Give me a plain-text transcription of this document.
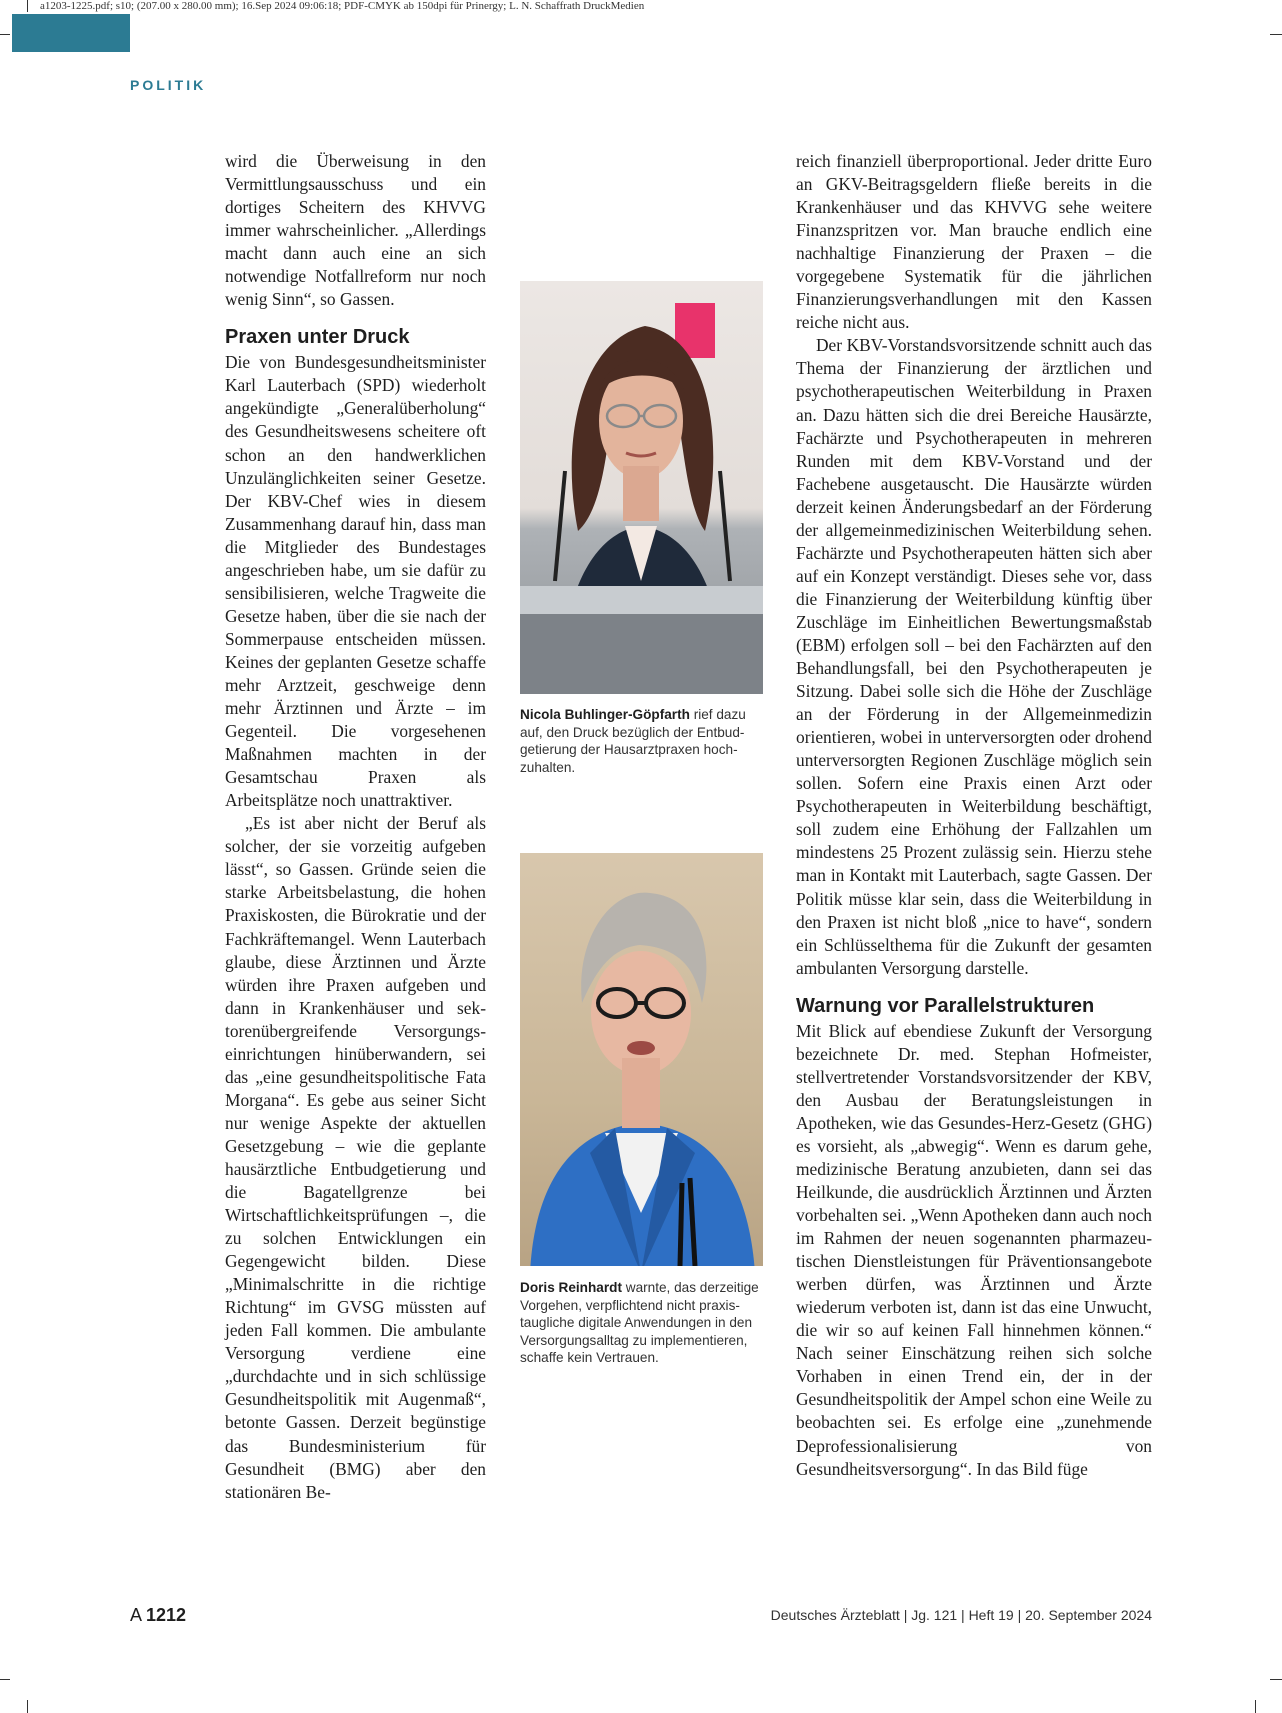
a1203-1225.pdf; s10; (207.00 x 280.00 mm); 16.Sep 2024 09:06:18; PDF-CMYK ab 150dpi für Prinergy; L. N. Schaffrath DruckMedien
POLITIK

wird die Überweisung in den Vermittlungsausschuss und ein dortiges Scheitern des KHVVG immer wahrscheinlicher. „Allerdings macht dann auch eine an sich notwendige Notfallreform nur noch wenig Sinn“, so Gassen.

Praxen unter Druck

Die von Bundesgesundheitsminister Karl Lauterbach (SPD) wiederholt angekündigte „Generalüberholung“ des Gesundheitswesens scheitere oft schon an den handwerklichen Unzulänglichkeiten seiner Gesetze. Der KBV-Chef wies in diesem Zusammenhang darauf hin, dass man die Mitglieder des Bundestages angeschrieben habe, um sie dafür zu sensibilisieren, welche Tragweite die Gesetze haben, über die sie nach der Sommerpause entscheiden müssen. Keines der geplanten Gesetze schaffe mehr Arztzeit, geschweige denn mehr Ärztinnen und Ärzte – im Gegenteil. Die vorgesehenen Maßnahmen machten in der Gesamtschau Praxen als Arbeitsplätze noch unattraktiver.

„Es ist aber nicht der Beruf als solcher, der sie vorzeitig aufgeben lässt“, so Gassen. Gründe seien die starke Arbeitsbelastung, die hohen Praxiskosten, die Bürokratie und der Fachkräftemangel. Wenn Lauterbach glaube, diese Ärztinnen und Ärzte würden ihre Praxen aufgeben und dann in Krankenhäuser und sektorenübergreifende Versorgungseinrichtungen hinüberwandern, sei das „eine gesundheitspolitische Fata Morgana“. Es gebe aus seiner Sicht nur wenige Aspekte der aktuellen Gesetzgebung – wie die geplante hausärztliche Entbudgetierung und die Bagatellgrenze bei Wirtschaftlichkeitsprüfungen –, die zu solchen Entwicklungen ein Gegengewicht bilden. Diese „Minimalschritte in die richtige Richtung“ im GVSG müssten auf jeden Fall kommen. Die ambulante Versorgung verdiene eine „durchdachte und in sich schlüssige Gesundheitspolitik mit Augenmaß“, betonte Gassen. Derzeit begünstige das Bundesministerium für Gesundheit (BMG) aber den stationären Be-

Nicola Buhlinger-Göpfarth rief dazu auf, den Druck bezüglich der Entbudgetierung der Hausarztpraxen hochzuhalten.
Doris Reinhardt warnte, das derzeitige Vorgehen, verpflichtend nicht praxistaugliche digitale Anwendungen in den Versorgungsalltag zu implementieren, schaffe kein Vertrauen.

reich finanziell überproportional. Jeder dritte Euro an GKV-Beitragsgeldern fließe bereits in die Krankenhäuser und das KHVVG sehe weitere Finanzspritzen vor. Man brauche endlich eine nachhaltige Finanzierung der Praxen – die vorgegebene Systematik für die jährlichen Finanzierungsverhandlungen mit den Kassen reiche nicht aus.

Der KBV-Vorstandsvorsitzende schnitt auch das Thema der Finanzierung der ärztlichen und psychotherapeutischen Weiterbildung in Praxen an. Dazu hätten sich die drei Bereiche Hausärzte, Fachärzte und Psychotherapeuten in mehreren Runden mit dem KBV-Vorstand und der Fachebene ausgetauscht. Die Hausärzte würden derzeit keinen Änderungsbedarf an der Förderung der allgemeinmedizinischen Weiterbildung sehen. Fachärzte und Psychotherapeuten hätten sich aber auf ein Konzept verständigt. Dieses sehe vor, dass die Finanzierung der Weiterbildung künftig über Zuschläge im Einheitlichen Bewertungsmaßstab (EBM) erfolgen soll – bei den Fachärzten auf den Behandlungsfall, bei den Psychotherapeuten je Sitzung. Dabei solle sich die Höhe der Zuschläge an der Förderung in der Allgemeinmedizin orientieren, wobei in unterversorgten oder drohend unterversorgten Regionen Zuschläge möglich sein sollen. Sofern eine Praxis einen Arzt oder Psychotherapeuten in Weiterbildung beschäftigt, soll zudem eine Erhöhung der Fallzahlen um mindestens 25 Prozent zulässig sein. Hierzu stehe man in Kontakt mit Lauterbach, sagte Gassen. Der Politik müsse klar sein, dass die Weiterbildung in den Praxen ist nicht bloß „nice to have“, sondern ein Schlüsselthema für die Zukunft der gesamten ambulanten Versorgung darstelle.

Warnung vor Parallelstrukturen

Mit Blick auf ebendiese Zukunft der Versorgung bezeichnete Dr. med. Stephan Hofmeister, stellvertretender Vorstandsvorsitzender der KBV, den Ausbau der Beratungsleistungen in Apotheken, wie das Gesundes-Herz-Gesetz (GHG) es vorsieht, als „abwegig“. Wenn es darum gehe, medizinische Beratung anzubieten, dann sei das Heilkunde, die ausdrücklich Ärztinnen und Ärzten vorbehalten sei. „Wenn Apotheken dann auch noch im Rahmen der neuen sogenannten pharmazeutischen Dienstleistungen für Präventionsangebote werben dürfen, was Ärztinnen und Ärzte wiederum verboten ist, dann ist das eine Unwucht, die wir so auf keinen Fall hinnehmen können.“ Nach seiner Einschätzung reihen sich solche Vorhaben in einen Trend ein, der in der Gesundheitspolitik der Ampel schon eine Weile zu beobachten sei. Es erfolge eine „zunehmende Deprofessionalisierung von Gesundheitsversorgung“. In das Bild füge

A 1212	Deutsches Ärzteblatt | Jg. 121 | Heft 19 | 20. September 2024
